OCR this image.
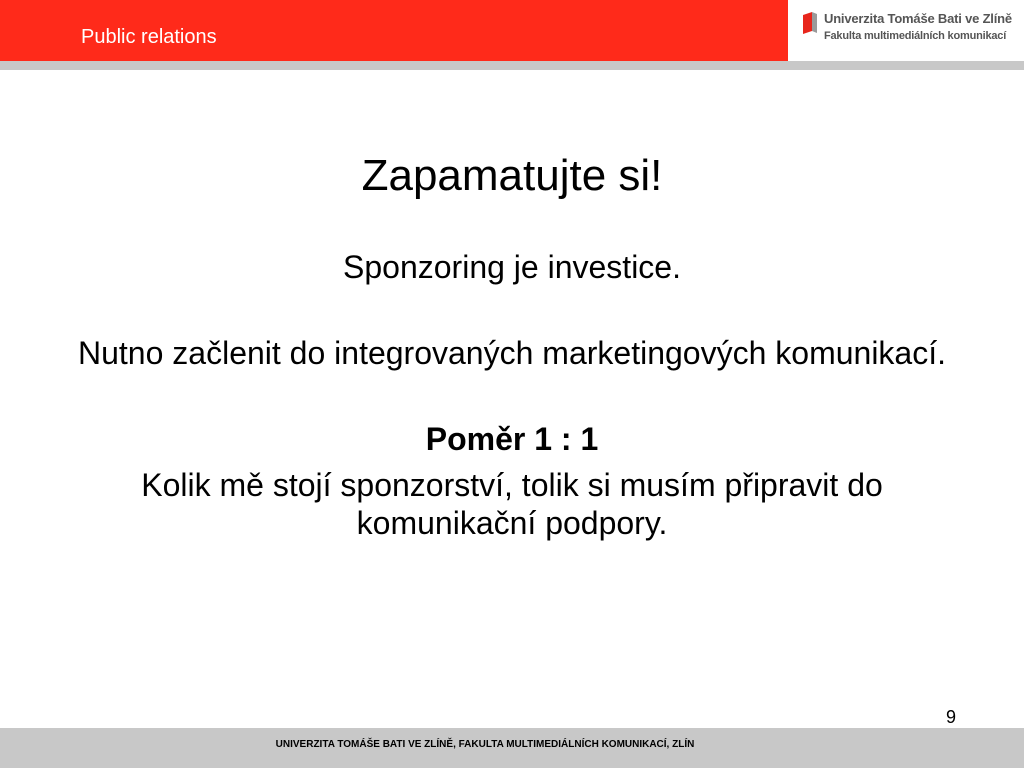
Public relations
Univerzita Tomáše Bati ve Zlíně
Fakulta multimediálních komunikací
Zapamatujte si!
Sponzoring je investice.
Nutno začlenit do integrovaných marketingových komunikací.
Poměr 1 : 1
Kolik mě stojí sponzorství, tolik si musím připravit do komunikační podpory.
9
UNIVERZITA TOMÁŠE BATI VE ZLÍNĚ, FAKULTA MULTIMEDIÁLNÍCH KOMUNIKACÍ, ZLÍN
